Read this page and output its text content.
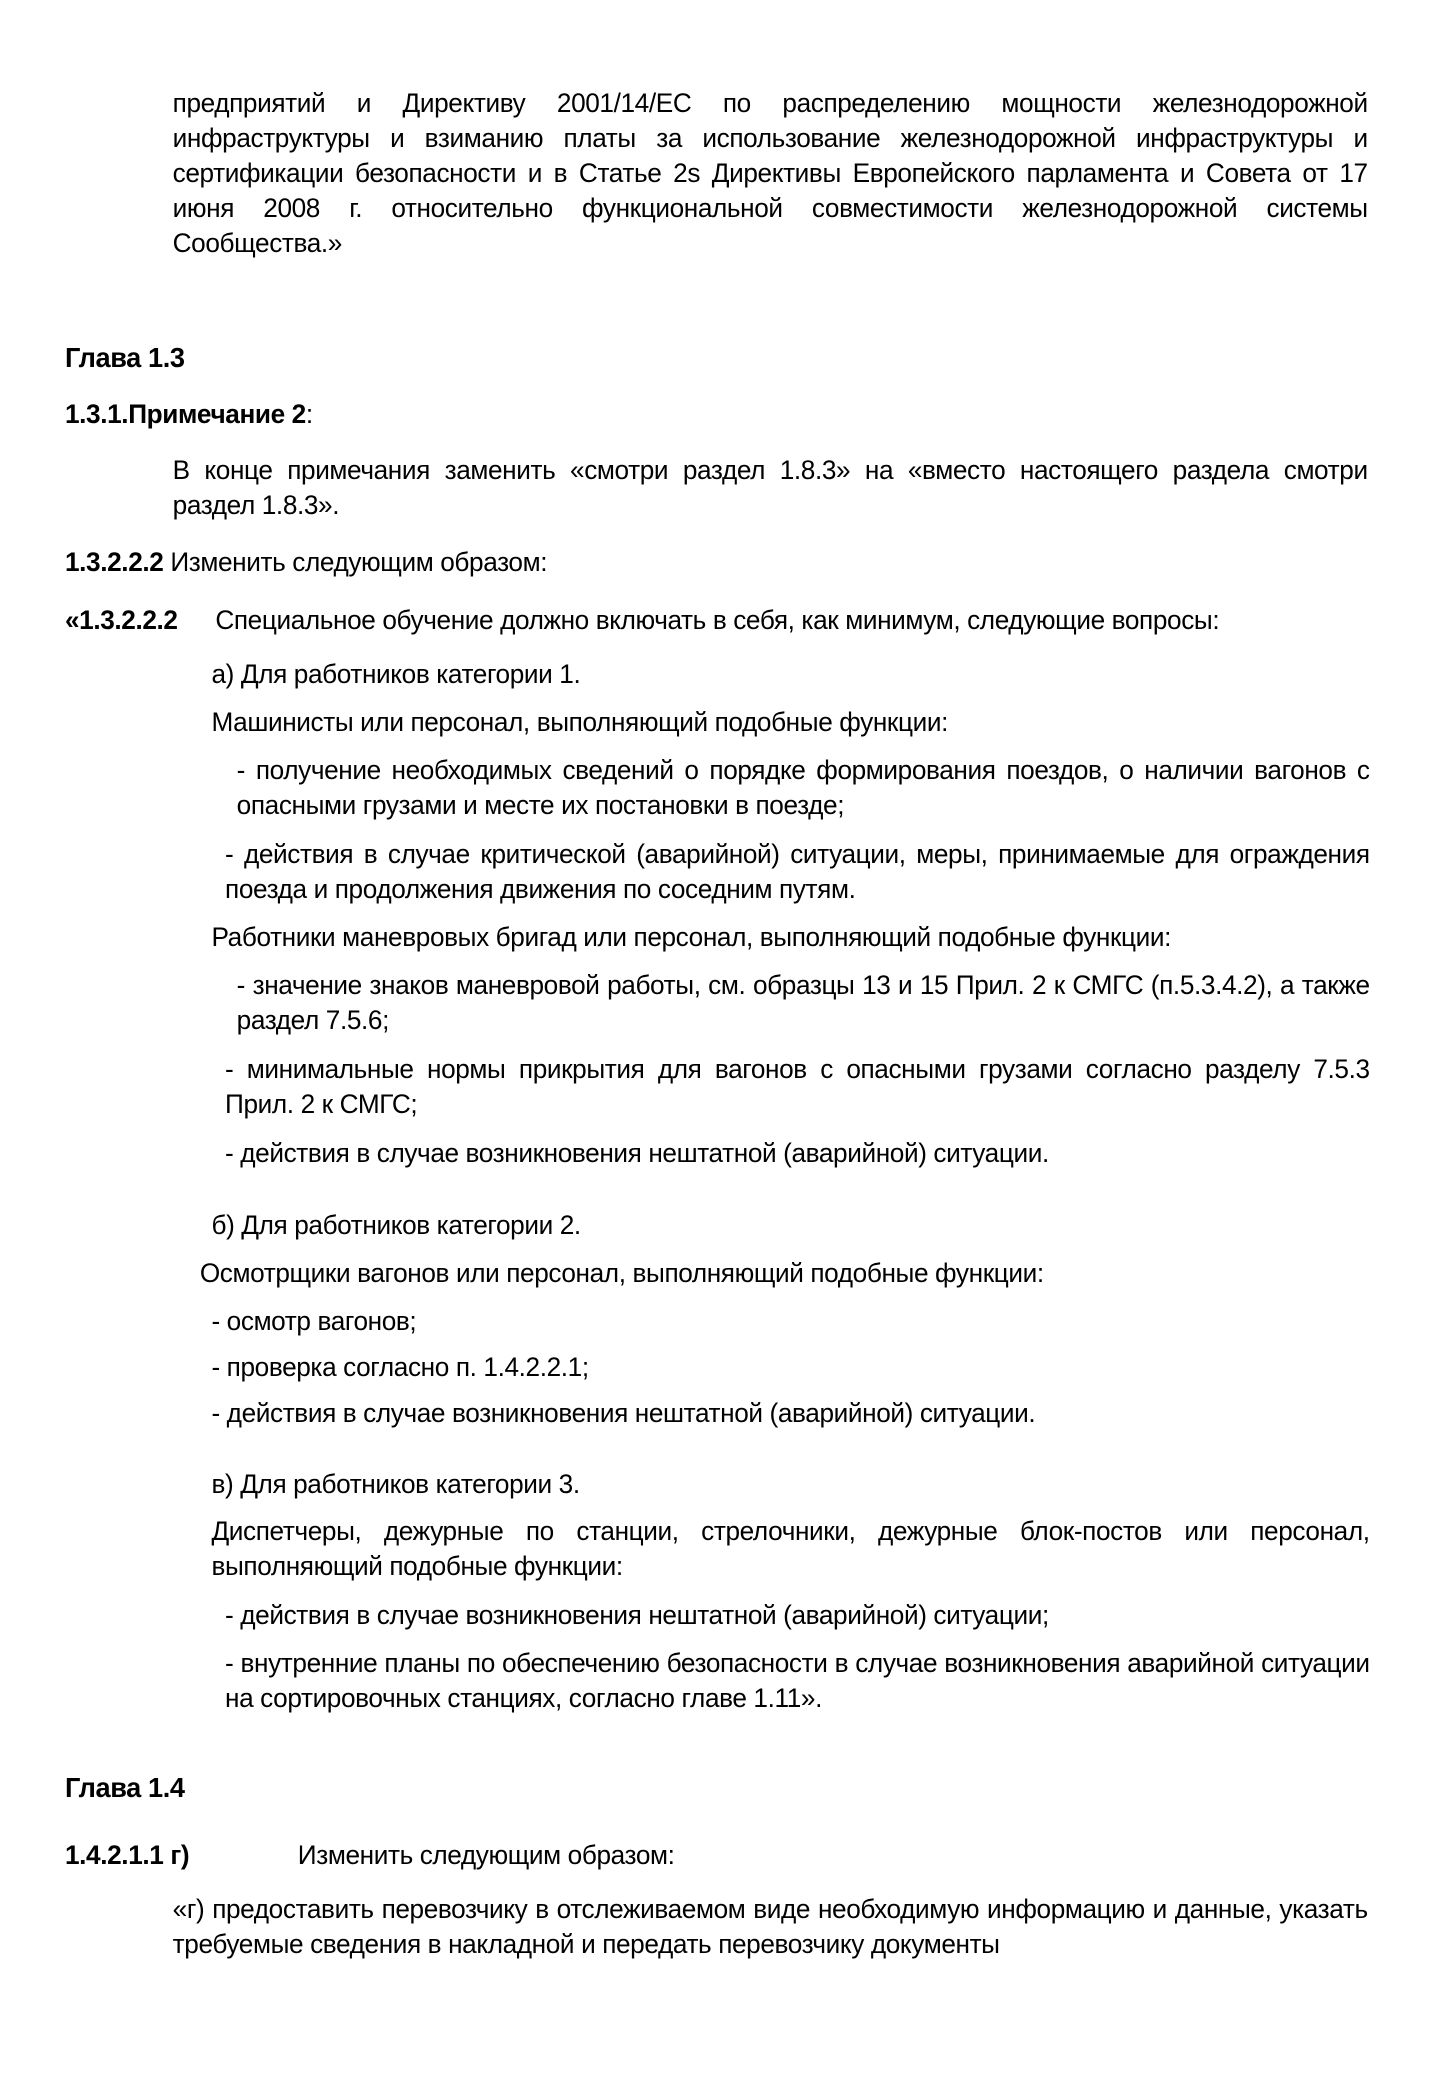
предприятий и Директиву 2001/14/ЕС по распределению мощности железнодорожной инфраструктуры и взиманию платы за использование железнодорожной инфраструктуры и сертификации безопасности и в Статье 2s Директивы Европейского парламента и Совета от 17 июня 2008 г. относительно функциональной совместимости железнодорожной системы Сообщества.»

Глава 1.3
1.3.1.Примечание 2:

В конце примечания заменить «смотри раздел 1.8.3» на «вместо настоящего раздела смотри раздел 1.8.3».

1.3.2.2.2 Изменить следующим образом:
«1.3.2.2.2	Специальное обучение должно включать в себя, как минимум, следующие вопросы:
а) Для работников категории 1.
Машинисты или персонал, выполняющий подобные функции:

- получение необходимых сведений о порядке формирования поездов, о наличии вагонов с опасными грузами и месте их постановки в поезде;

- действия в случае критической (аварийной) ситуации, меры, принимаемые для ограждения поезда и продолжения движения по соседним путям.

Работники маневровых бригад или персонал, выполняющий подобные функции:

- значение знаков маневровой работы, см. образцы 13 и 15 Прил. 2 к СМГС (п.5.3.4.2), а также раздел 7.5.6;

- минимальные нормы прикрытия для вагонов с опасными грузами согласно разделу 7.5.3 Прил. 2 к СМГС;

- действия в случае возникновения нештатной (аварийной) ситуации.

б) Для работников категории 2.
Осмотрщики вагонов или персонал, выполняющий подобные функции:

- осмотр вагонов;

- проверка согласно п. 1.4.2.2.1;

- действия в случае возникновения нештатной (аварийной) ситуации.

в) Для работников категории 3.

Диспетчеры, дежурные по станции, стрелочники, дежурные блок-постов или персонал, выполняющий подобные функции:

- действия в случае возникновения нештатной (аварийной) ситуации;

- внутренние планы по обеспечению безопасности в случае возникновения аварийной ситуации на сортировочных станциях, согласно главе 1.11».

Глава 1.4
1.4.2.1.1 г)	Изменить следующим образом:

«г) предоставить перевозчику в отслеживаемом виде необходимую информацию и данные, указать требуемые сведения в накладной и передать перевозчику документы
